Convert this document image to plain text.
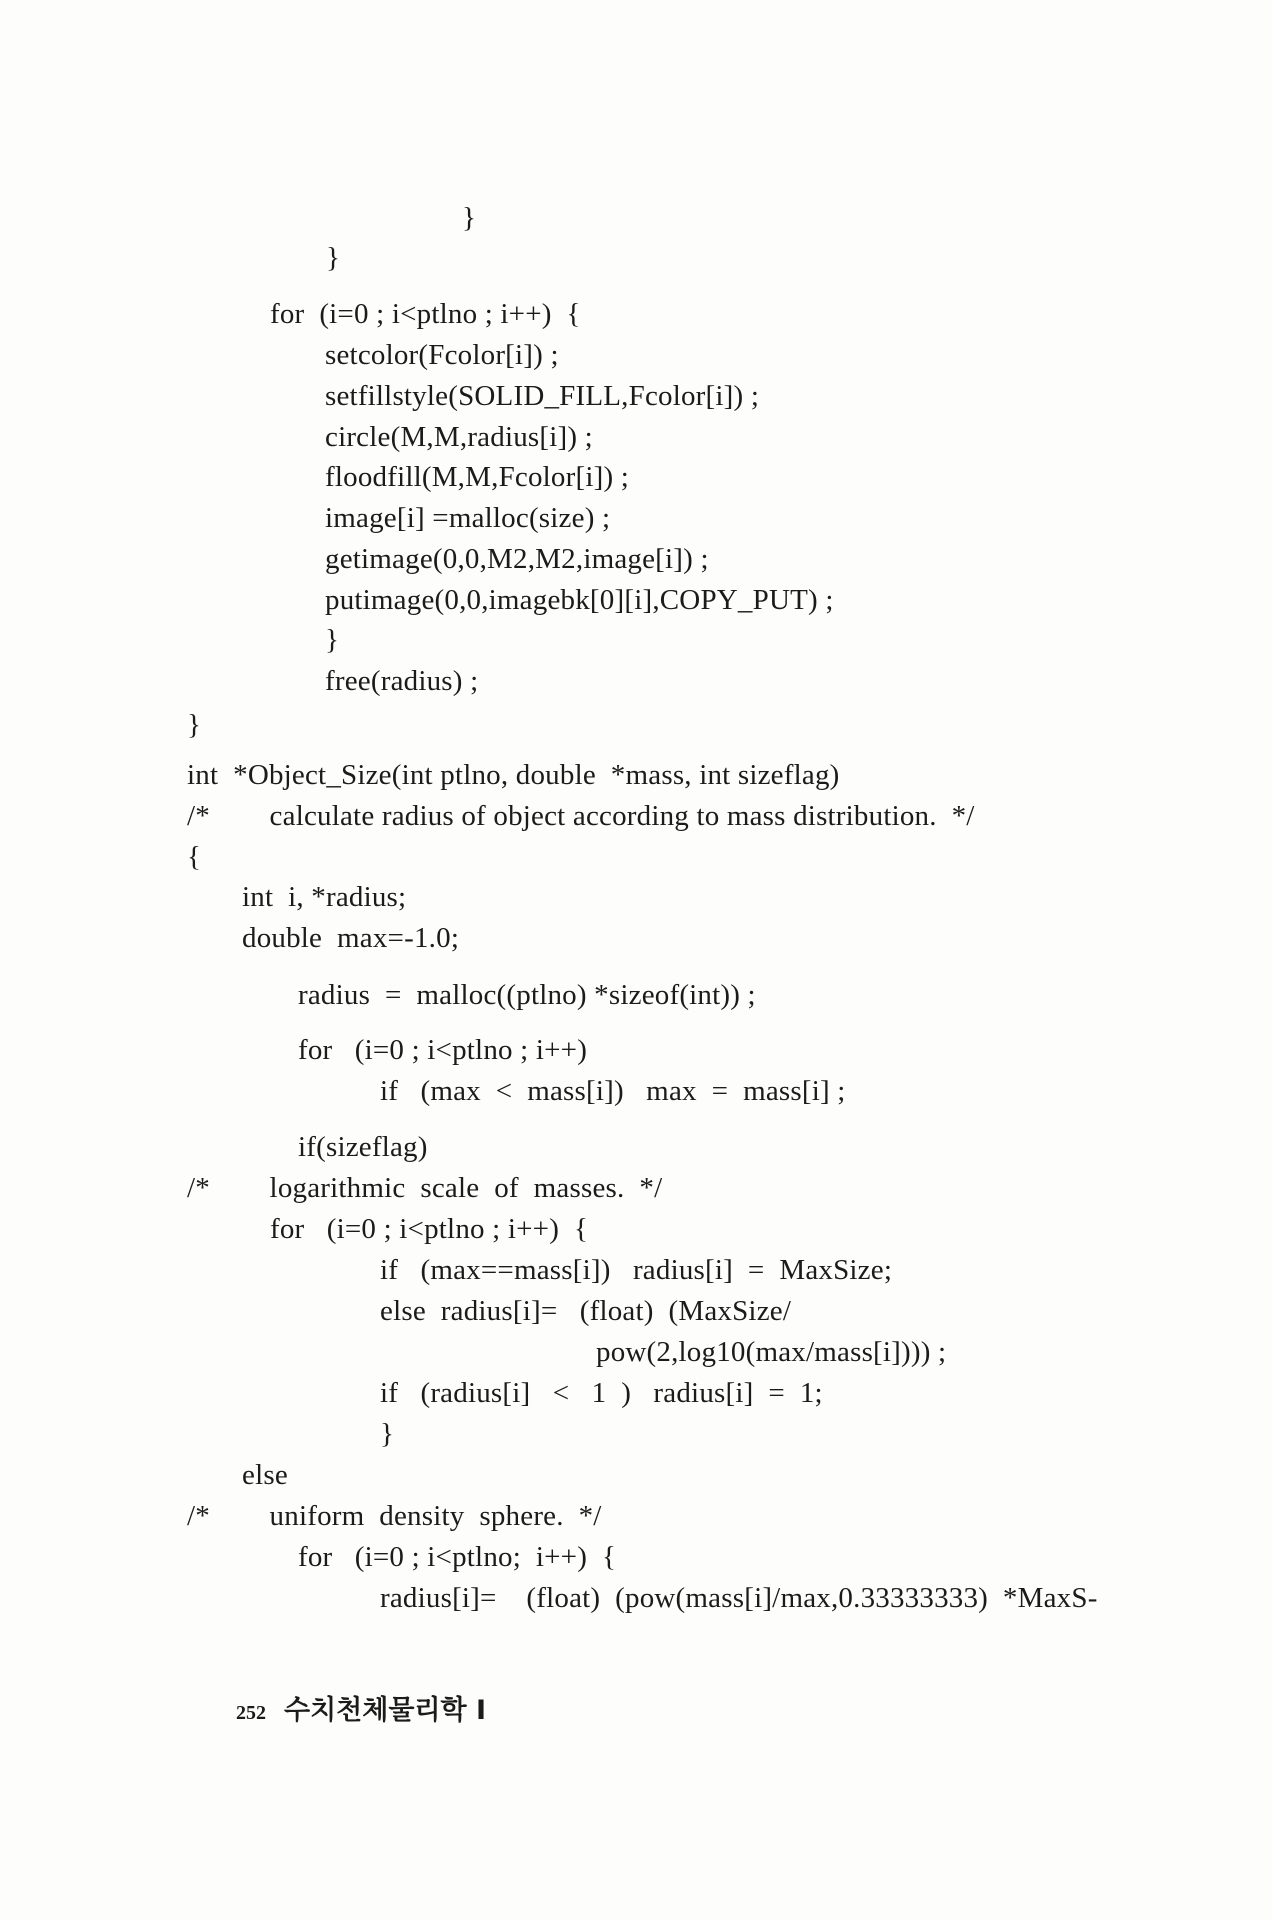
}
}
for  (i=0 ; i<ptlno ; i++)  {
setcolor(Fcolor[i]) ;
setfillstyle(SOLID_FILL,Fcolor[i]) ;
circle(M,M,radius[i]) ;
floodfill(M,M,Fcolor[i]) ;
image[i] =malloc(size) ;
getimage(0,0,M2,M2,image[i]) ;
putimage(0,0,imagebk[0][i],COPY_PUT) ;
}
free(radius) ;
}
int  *Object_Size(int ptlno, double  *mass, int sizeflag)
/*        calculate radius of object according to mass distribution.  */
{
int  i, *radius;
double  max=-1.0;
radius  =  malloc((ptlno) *sizeof(int)) ;
for   (i=0 ; i<ptlno ; i++)
if   (max  <  mass[i])   max  =  mass[i] ;
if(sizeflag)
/*        logarithmic  scale  of  masses.  */
for   (i=0 ; i<ptlno ; i++)  {
if   (max==mass[i])   radius[i]  =  MaxSize;
else  radius[i]=   (float)  (MaxSize/
pow(2,log10(max/mass[i]))) ;
if   (radius[i]   <   1  )   radius[i]  =  1;
}
else
/*        uniform  density  sphere.  */
for   (i=0 ; i<ptlno;  i++)  {
radius[i]=    (float)  (pow(mass[i]/max,0.33333333)  *MaxS-

252 수치천체물리학 I
